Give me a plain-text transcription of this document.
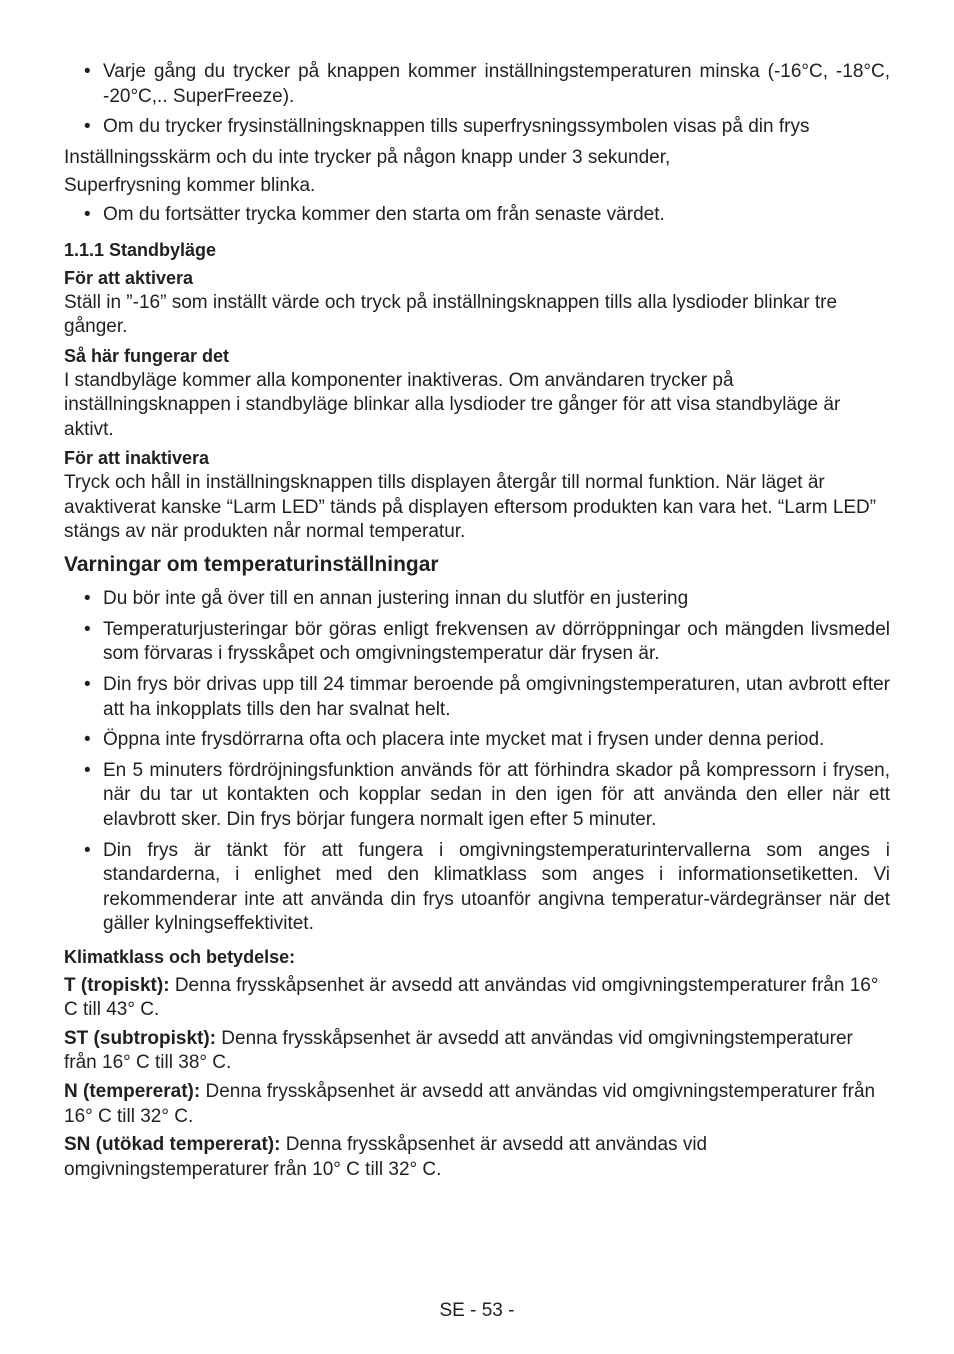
• Varje gång du trycker på knappen kommer inställningstemperaturen minska (-16°C, -18°C, -20°C,.. SuperFreeze).
• Om du trycker frysinställningsknappen tills superfrysningssymbolen visas på din frys

Inställningsskärm och du inte trycker på någon knapp under 3 sekunder,

Superfrysning kommer blinka.

• Om du fortsätter trycka kommer den starta om från senaste värdet.
1.1.1 Standbyläge
För att aktivera

Ställ in ”-16” som inställt värde och tryck på inställningsknappen tills alla lysdioder blinkar tre gånger.

Så här fungerar det

I standbyläge kommer alla komponenter inaktiveras. Om användaren trycker på inställningsknappen i standbyläge blinkar alla lysdioder tre gånger för att visa standbyläge är aktivt.

För att inaktivera

Tryck och håll in inställningsknappen tills displayen återgår till normal funktion. När läget är avaktiverat kanske “Larm LED” tänds på displayen eftersom produkten kan vara het. “Larm LED” stängs av när produkten når normal temperatur.

Varningar om temperaturinställningar
• Du bör inte gå över till en annan justering innan du slutför en justering
• Temperaturjusteringar bör göras enligt frekvensen av dörröppningar och mängden livsmedel som förvaras i frysskåpet och omgivningstemperatur där frysen är.
• Din frys bör drivas upp till 24 timmar beroende på omgivningstemperaturen, utan avbrott efter att ha inkopplats tills den har svalnat helt.
• Öppna inte frysdörrarna ofta och placera inte mycket mat i frysen under denna period.
• En 5 minuters fördröjningsfunktion används för att förhindra skador på kompressorn i frysen, när du tar ut kontakten och kopplar sedan in den igen för att använda den eller när ett elavbrott sker. Din frys börjar fungera normalt igen efter 5 minuter.
• Din frys är tänkt för att fungera i omgivningstemperaturintervallerna som anges i standarderna, i enlighet med den klimatklass som anges i informationsetiketten. Vi rekommenderar inte att använda din frys utoanför angivna temperatur-värdegränser när det gäller kylningseffektivitet.
Klimatklass och betydelse:

T (tropiskt): Denna frysskåpsenhet är avsedd att användas vid omgivningstemperaturer från 16° C till 43° C.

ST (subtropiskt): Denna frysskåpsenhet är avsedd att användas vid omgivningstemperaturer från 16° C till 38° C.

N (tempererat): Denna frysskåpsenhet är avsedd att användas vid omgivningstemperaturer från 16° C till 32° C.

SN (utökad tempererat): Denna frysskåpsenhet är avsedd att användas vid omgivningstemperaturer från 10° C till 32° C.

SE - 53 -
